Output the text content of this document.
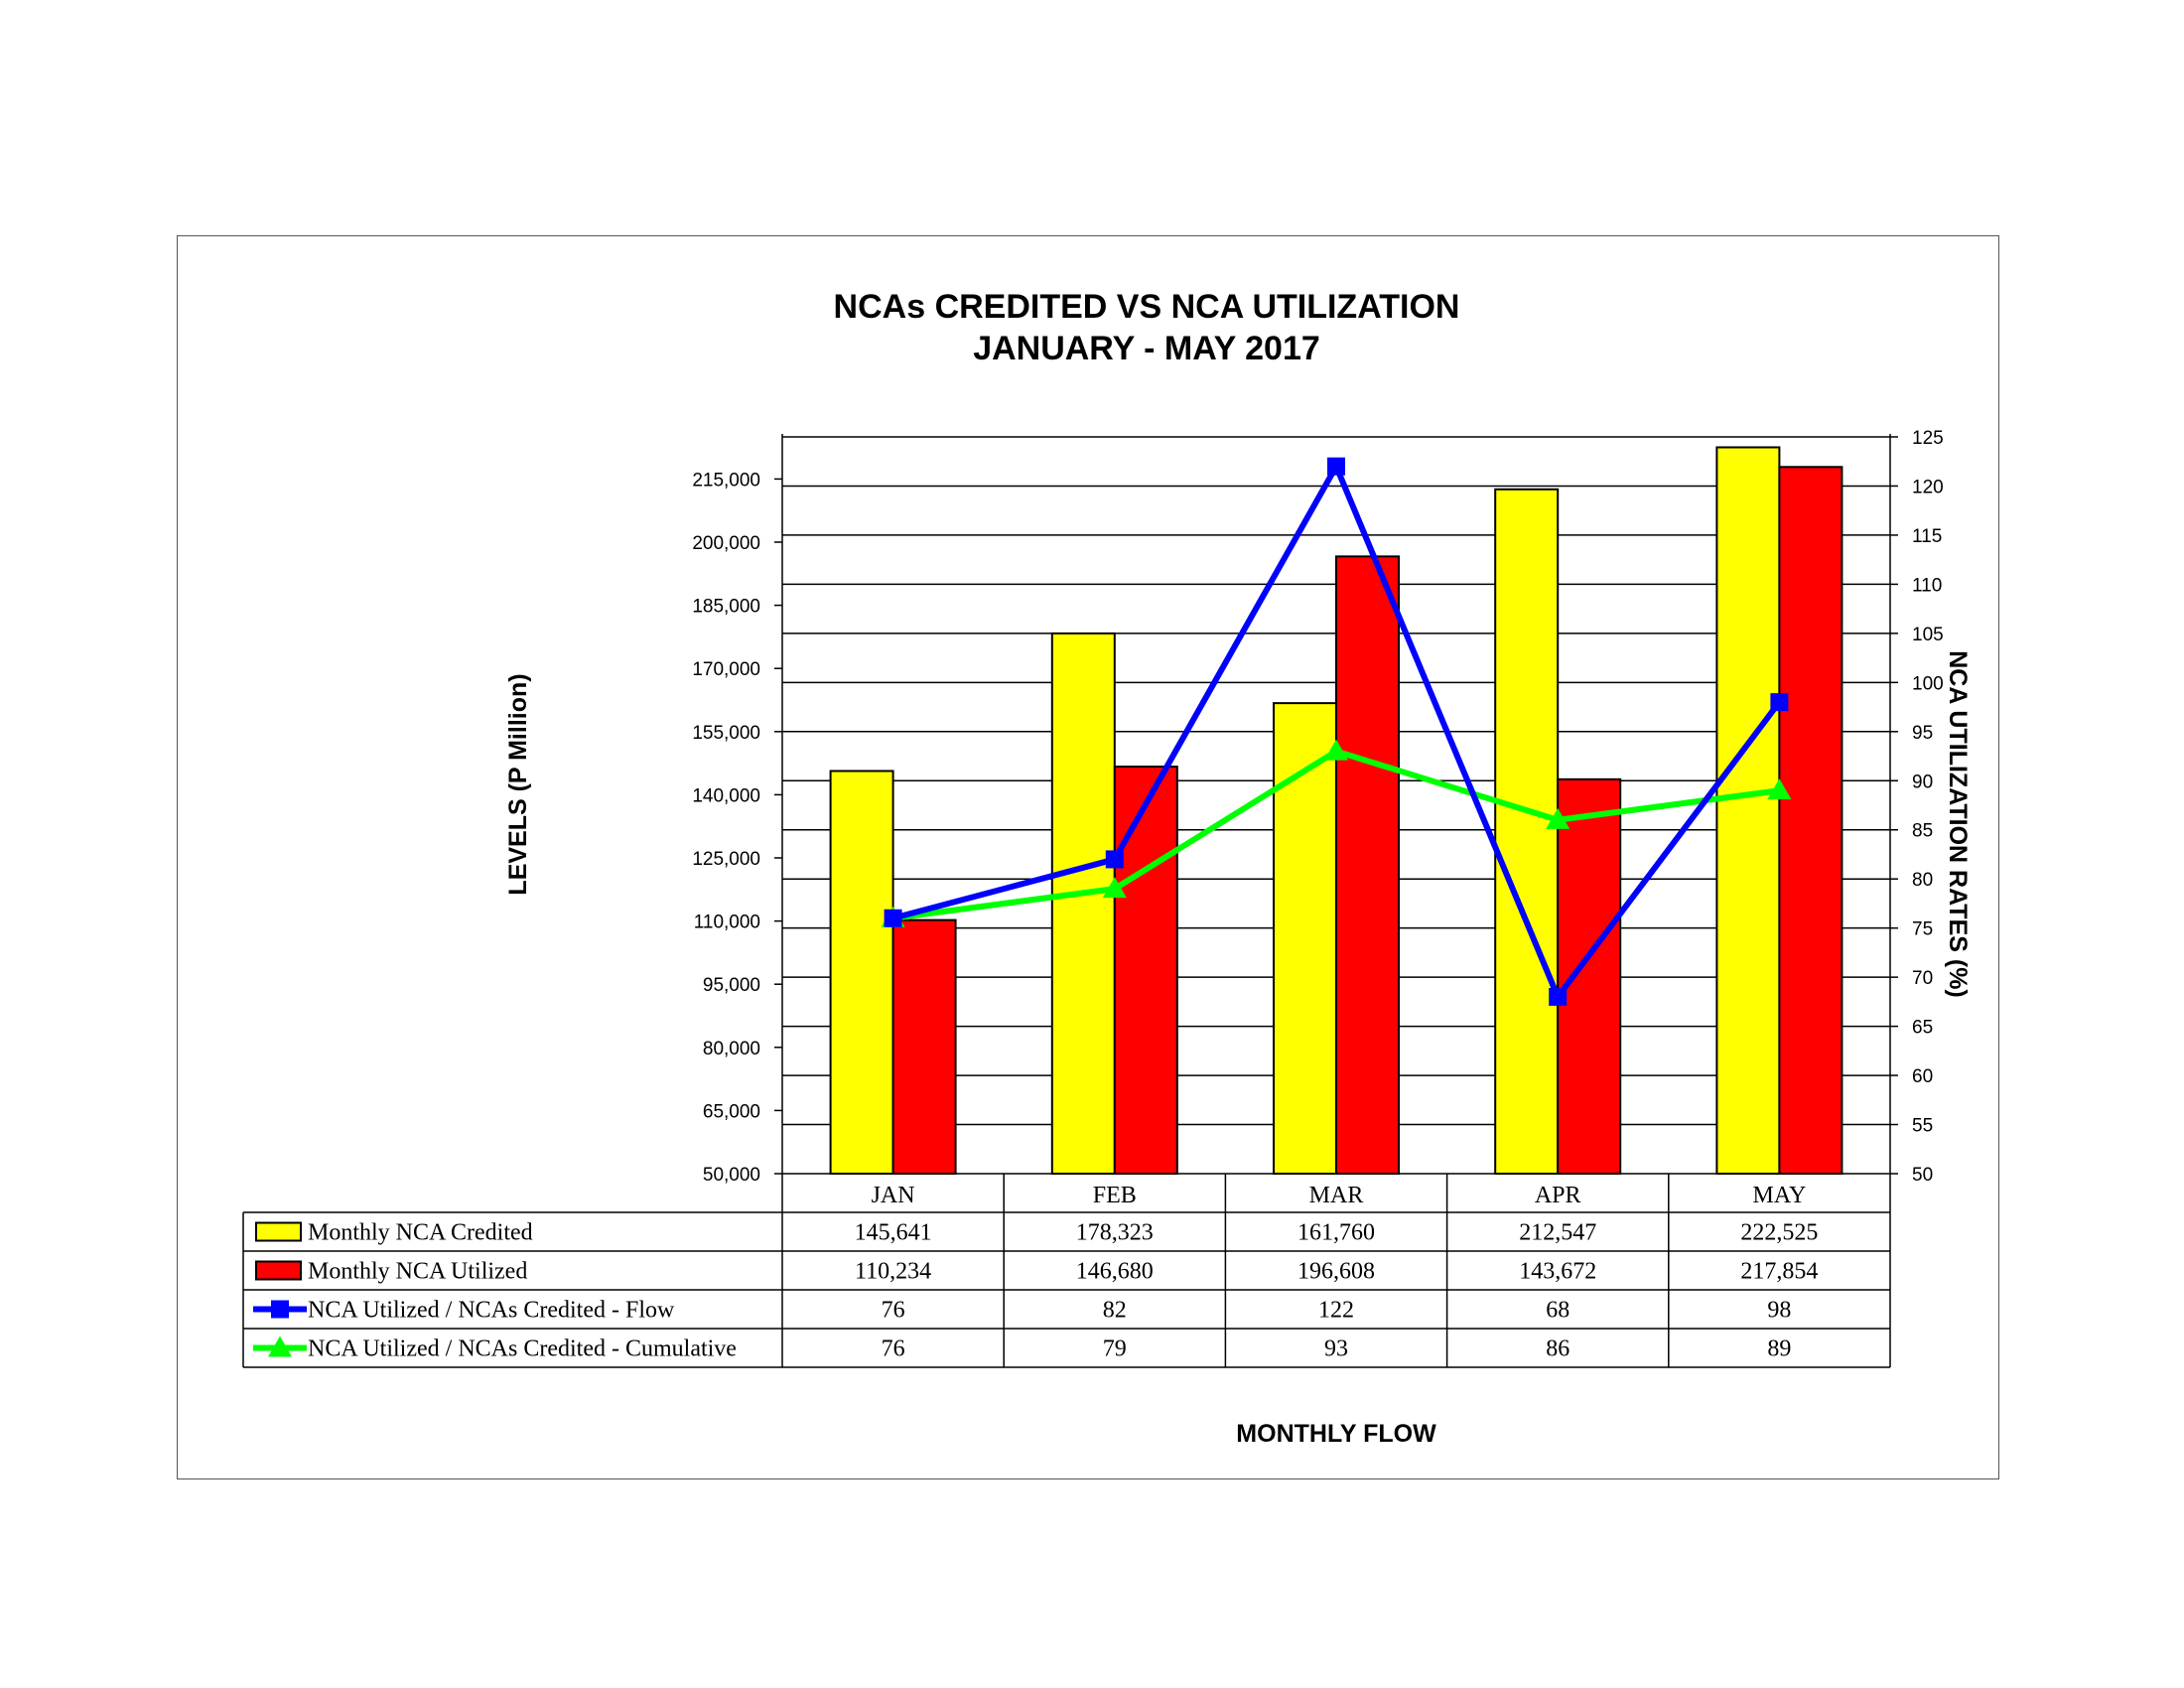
NCAs CREDITED VS NCA UTILIZATION
JANUARY - MAY 2017
50,000
65,000
80,000
95,000
110,000
125,000
140,000
155,000
170,000
185,000
200,000
215,000
50
55
60
65
70
75
80
85
90
95
100
105
110
115
120
125
JAN	FEB	MAR	APR	MAY
Monthly NCA Credited	145,641	178,323	161,760	212,547	222,525
Monthly NCA Utilized	110,234	146,680	196,608	143,672	217,854
NCA Utilized / NCAs Credited - Flow	76	82	122	68	98
NCA Utilized / NCAs Credited - Cumulative	76	79	93	86	89
LEVELS (P Million)	NCA UTILIZATION RATES (%)
MONTHLY FLOW
